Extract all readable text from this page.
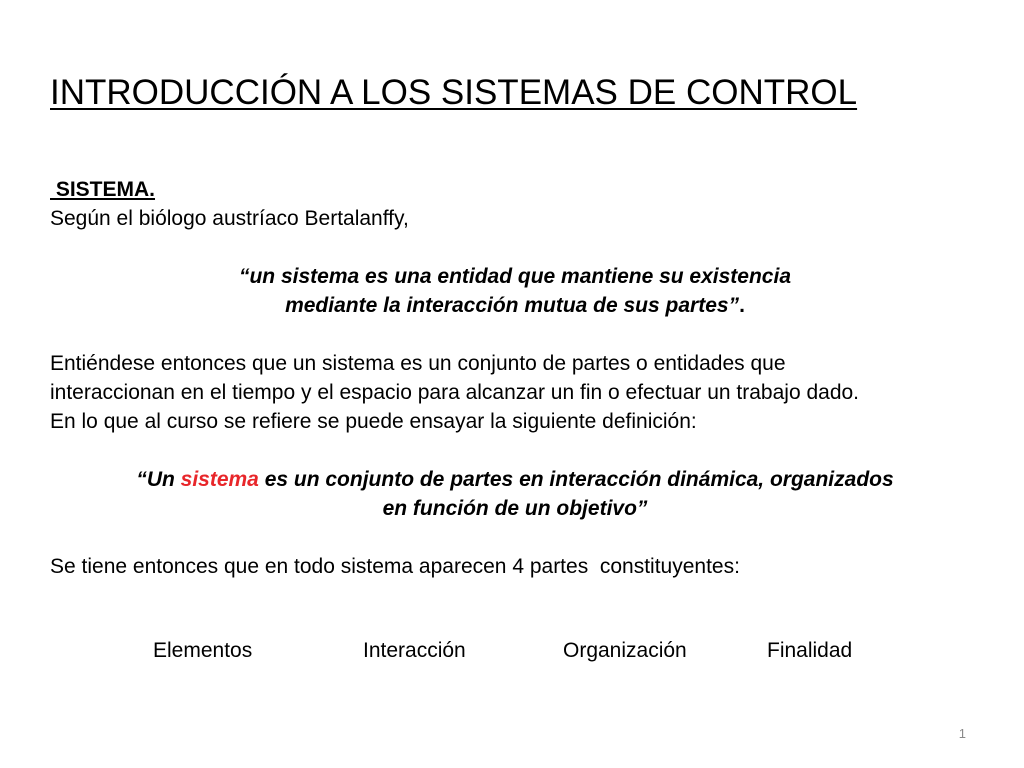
INTRODUCCIÓN A LOS SISTEMAS DE CONTROL
SISTEMA.
Según el biólogo austríaco Bertalanffy,
“un sistema es una entidad que mantiene su existencia
mediante la interacción mutua de sus partes”.
Entiéndese entonces que un sistema es un conjunto de partes o entidades que
interaccionan en el tiempo y el espacio para alcanzar un fin o efectuar un trabajo dado.
En lo que al curso se refiere se puede ensayar la siguiente definición:
“Un sistema es un conjunto de partes en interacción dinámica, organizados
en función de un objetivo”
Se tiene entonces que en todo sistema aparecen 4 partes  constituyentes:
Elementos	Interacción	Organización	Finalidad
1
